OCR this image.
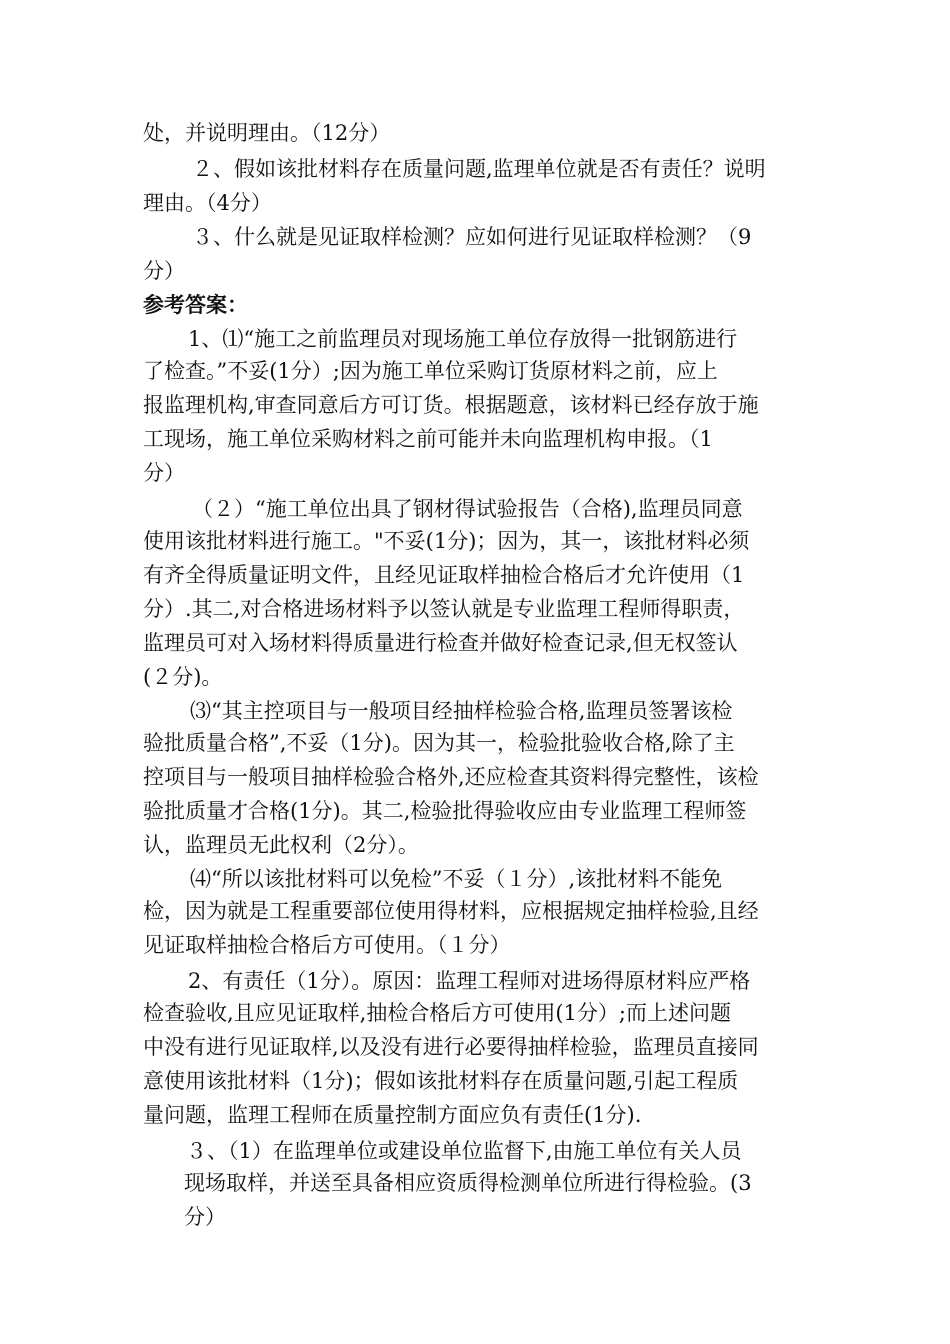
处，并说明理由。（12分）
２、假如该批材料存在质量问题,监理单位就是否有责任？说明
理由。（4分）
３、什么就是见证取样检测？应如何进行见证取样检测？（9
分）
参考答案：
1、⑴“施工之前监理员对现场施工单位存放得一批钢筋进行
了检查。”不妥(1分）;因为施工单位采购订货原材料之前，应上
报监理机构,审查同意后方可订货。根据题意，该材料已经存放于施
工现场，施工单位采购材料之前可能并未向监理机构申报。（1
分）
（２）“施工单位出具了钢材得试验报告（合格),监理员同意
使用该批材料进行施工。"不妥(1分)；因为，其一，该批材料必须
有齐全得质量证明文件，且经见证取样抽检合格后才允许使用（1
分）.其二,对合格进场材料予以签认就是专业监理工程师得职责，
监理员可对入场材料得质量进行检查并做好检查记录,但无权签认
(２分)。
⑶“其主控项目与一般项目经抽样检验合格,监理员签署该检
验批质量合格”,不妥（1分)。因为其一，检验批验收合格,除了主
控项目与一般项目抽样检验合格外,还应检查其资料得完整性，该检
验批质量才合格(1分)。其二,检验批得验收应由专业监理工程师签
认，监理员无此权利（2分）。
⑷“所以该批材料可以免检”不妥（１分）,该批材料不能免
检，因为就是工程重要部位使用得材料，应根据规定抽样检验,且经
见证取样抽检合格后方可使用。（１分）
2、有责任（1分）。原因：监理工程师对进场得原材料应严格
检查验收,且应见证取样,抽检合格后方可使用(1分）;而上述问题
中没有进行见证取样,以及没有进行必要得抽样检验，监理员直接同
意使用该批材料（1分)；假如该批材料存在质量问题,引起工程质
量问题，监理工程师在质量控制方面应负有责任(1分).
３、（1）在监理单位或建设单位监督下,由施工单位有关人员
现场取样，并送至具备相应资质得检测单位所进行得检验。(3
分）
